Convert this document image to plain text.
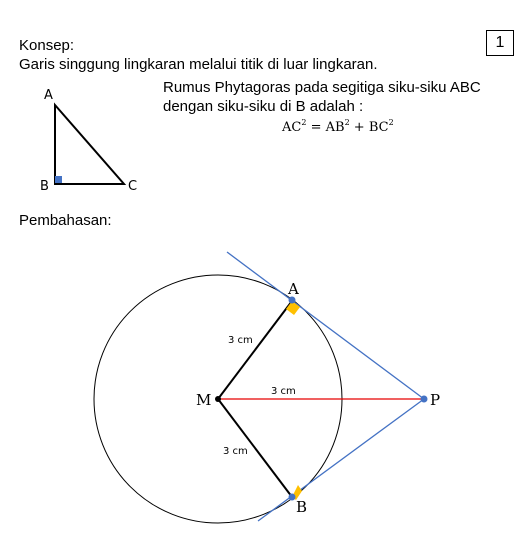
Konsep:
Garis singgung lingkaran melalui titik di luar lingkaran.
1
Rumus Phytagoras pada segitiga siku-siku ABC
dengan siku-siku di B adalah :
$AC^2 = AB^2 + BC^2$
A
B	C
A
B
P
M
3 cm
3 cm
3 cm
Pembahasan:
